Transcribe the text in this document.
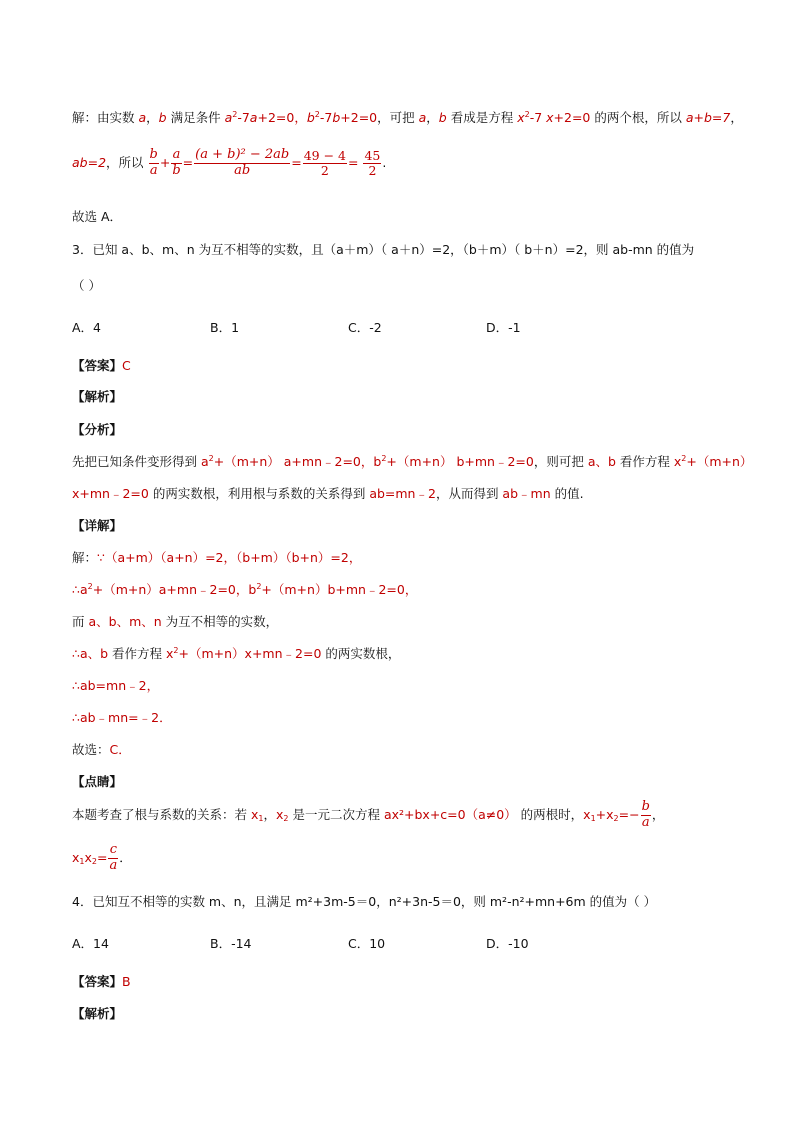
解：由实数 a，b 满足条件 $a^2-7a+2=0$，$b^2-7b+2=0$，可把 a，b 看成是方程 $x^2-7$ x+2=0 的两个根，所以 a+b=7，
ab=2，所以 $\frac{b}{a} + \frac{a}{b} = \frac{\text{(a + b)² − 2ab}}{ab} = \frac{49 - 4}{2} = \frac{45}{2}$ .
故选 A．
3．已知 a、b、m、n 为互不相等的实数，且（a＋m）（ a＋n）=2，（b＋m）（ b＋n）=2，则 ab-mn 的值为
（ ）
A．4	B．1	C．-2	D．-1
【答案】C
【解析】
【分析】
先把已知条件变形得到 $a^2+(m+n)$ a+mn﹣2=0，$b^2+(m+n)$ b+mn﹣2=0，则可把 a、b 看作方程 $x^2+(m+n)$
x+mn﹣2=0 的两实数根，利用根与系数的关系得到 ab=mn﹣2，从而得到 ab﹣mn 的值.
【详解】
解：∵（a+m）（a+n）=2，（b+m）（b+n）=2，
$\therefore a^2+(m+n)a+mn﹣2=0$，$b^2+(m+n)b+mn﹣2=0$，
而 a、b、m、n 为互不相等的实数，
∴a、b 看作方程 $x^2+(m+n)x+mn﹣2=0$ 的两实数根，
∴ab=mn﹣2，
∴ab﹣mn=﹣2．
故选：C．
【点睛】
本题考查了根与系数的关系：若 $x_1$，$x_2$ 是一元二次方程 ax²+bx+c=0（a≠0） 的两根时，$x_1+x_2=- \frac{b}{a}$ ，
$x_1x_2= \frac{c}{a}$ ．
4．已知互不相等的实数 m、n，且满足 m²+3m-5＝0，n²+3n-5＝0，则 m²-n²+mn+6m 的值为（ ）
A．14	B．-14	C．10	D．-10
【答案】B
【解析】
